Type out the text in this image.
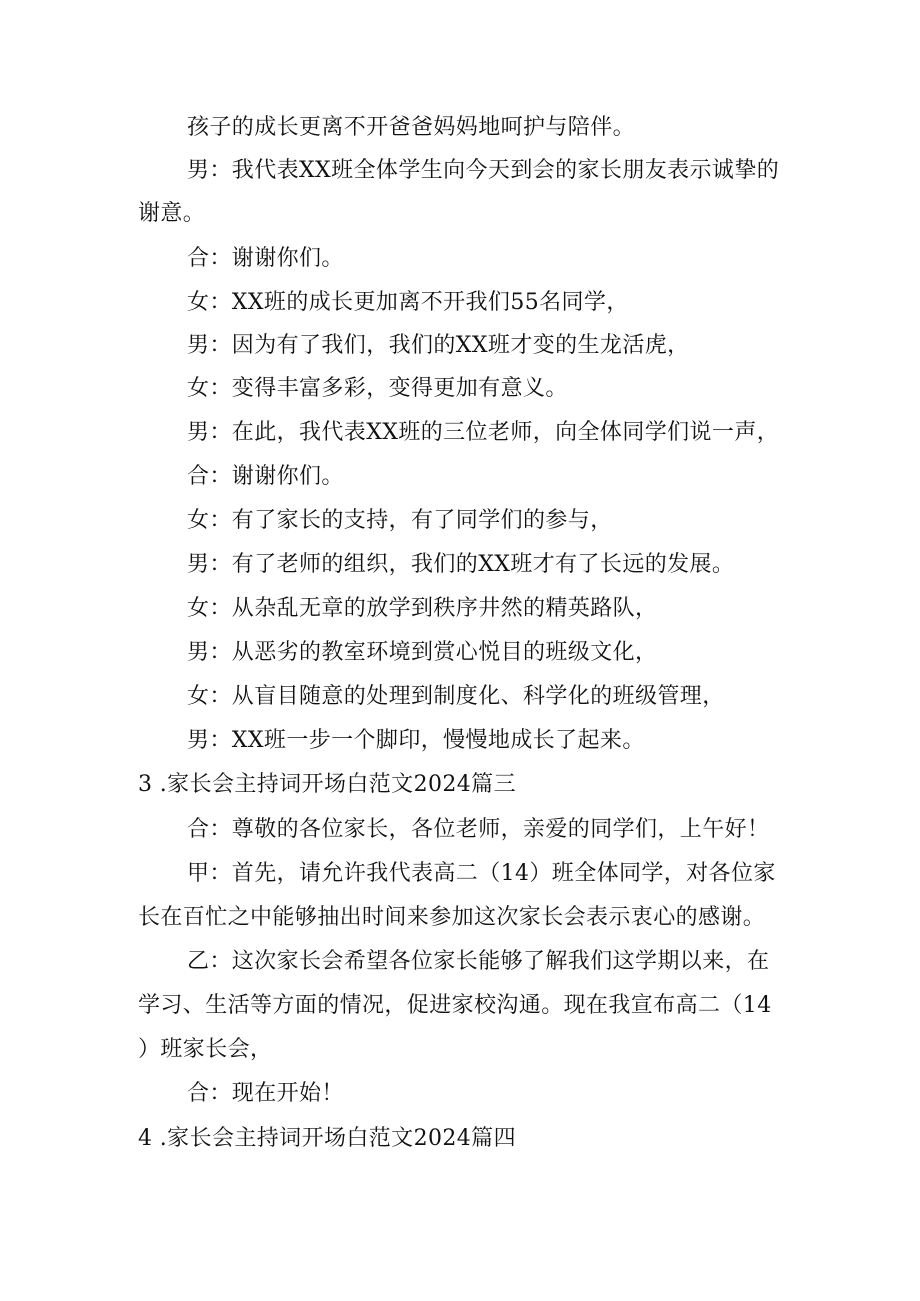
孩子的成长更离不开爸爸妈妈地呵护与陪伴。
男：我代表XX班全体学生向今天到会的家长朋友表示诚挚的
谢意。
合：谢谢你们。
女：XX班的成长更加离不开我们55名同学，
男：因为有了我们，我们的XX班才变的生龙活虎，
女：变得丰富多彩，变得更加有意义。
男：在此，我代表XX班的三位老师，向全体同学们说一声，
合：谢谢你们。
女：有了家长的支持，有了同学们的参与，
男：有了老师的组织，我们的XX班才有了长远的发展。
女：从杂乱无章的放学到秩序井然的精英路队，
男：从恶劣的教室环境到赏心悦目的班级文化，
女：从盲目随意的处理到制度化、科学化的班级管理，
男：XX班一步一个脚印，慢慢地成长了起来。
3 .家长会主持词开场白范文2024篇三
合：尊敬的各位家长，各位老师，亲爱的同学们，上午好！
甲：首先，请允许我代表高二（14）班全体同学，对各位家
长在百忙之中能够抽出时间来参加这次家长会表示衷心的感谢。
乙：这次家长会希望各位家长能够了解我们这学期以来，在
学习、生活等方面的情况，促进家校沟通。现在我宣布高二（14
）班家长会，
合：现在开始！
4 .家长会主持词开场白范文2024篇四
